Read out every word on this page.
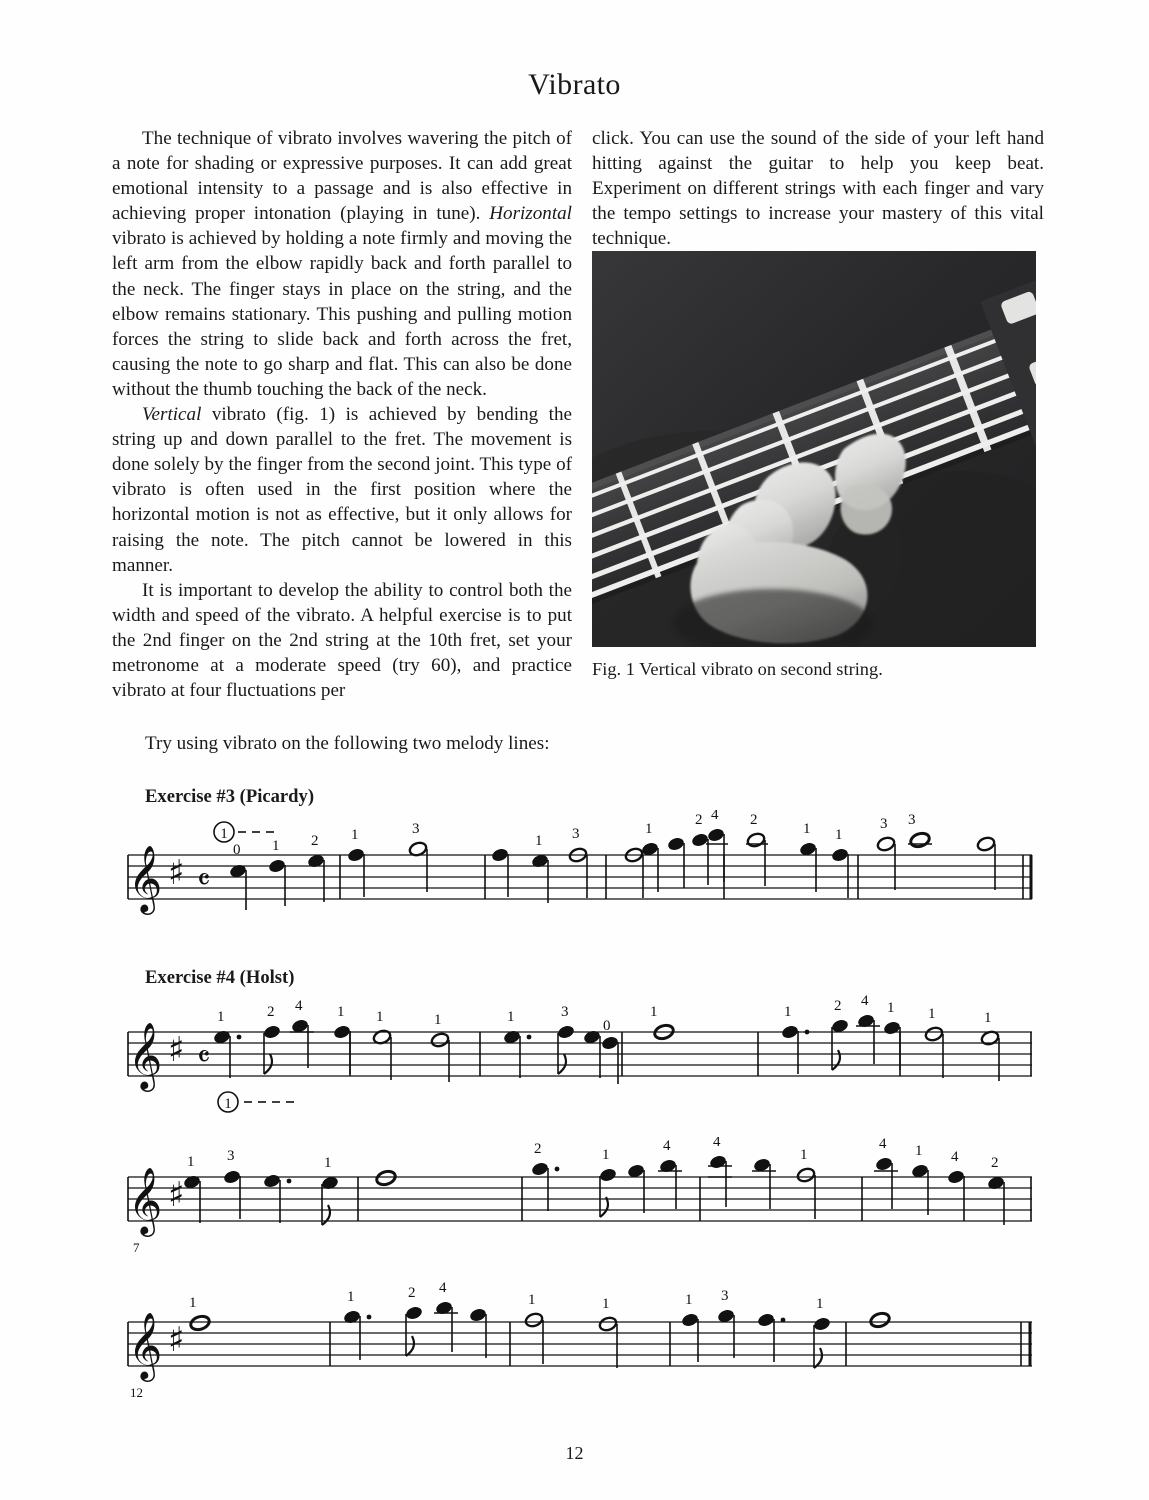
Vibrato

The technique of vibrato involves wavering the pitch of a note for shading or expressive purposes. It can add great emotional intensity to a passage and is also effective in achieving proper intonation (playing in tune). Horizontal vibrato is achieved by holding a note firmly and moving the left arm from the elbow rapidly back and forth parallel to the neck. The finger stays in place on the string, and the elbow remains stationary. This pushing and pulling motion forces the string to slide back and forth across the fret, causing the note to go sharp and flat. This can also be done without the thumb touching the back of the neck.

Vertical vibrato (fig. 1) is achieved by bending the string up and down parallel to the fret. The movement is done solely by the finger from the second joint. This type of vibrato is often used in the first position where the horizontal motion is not as effective, but it only allows for raising the note. The pitch cannot be lowered in this manner.

It is important to develop the ability to control both the width and speed of the vibrato. A helpful exercise is to put the 2nd finger on the 2nd string at the 10th fret, set your metronome at a moderate speed (try 60), and practice vibrato at four fluctuations per

click. You can use the sound of the side of your left hand hitting against the guitar to help you keep beat. Experiment on different strings with each finger and vary the tempo settings to increase your mastery of this vital technique.

Fig. 1 Vertical vibrato on second string.
Try using vibrato on the following two melody lines:
Exercise #3 (Picardy)
Exercise #4 (Holst)
𝄞 ♯ 𝄴
1
0 1 2 1	3
1 3	1
2 4 2
1 1
3 3
𝄞 ♯ 𝄴
1
1	2 4 1 1	1	1	3
0
1	1	2 4 1 1	1
𝄞 ♯
7
1 3	1
2	1
4	4
1
4 1 4 2
𝄞 ♯
12
1	1	2 4
1	1	1 3	1
12
